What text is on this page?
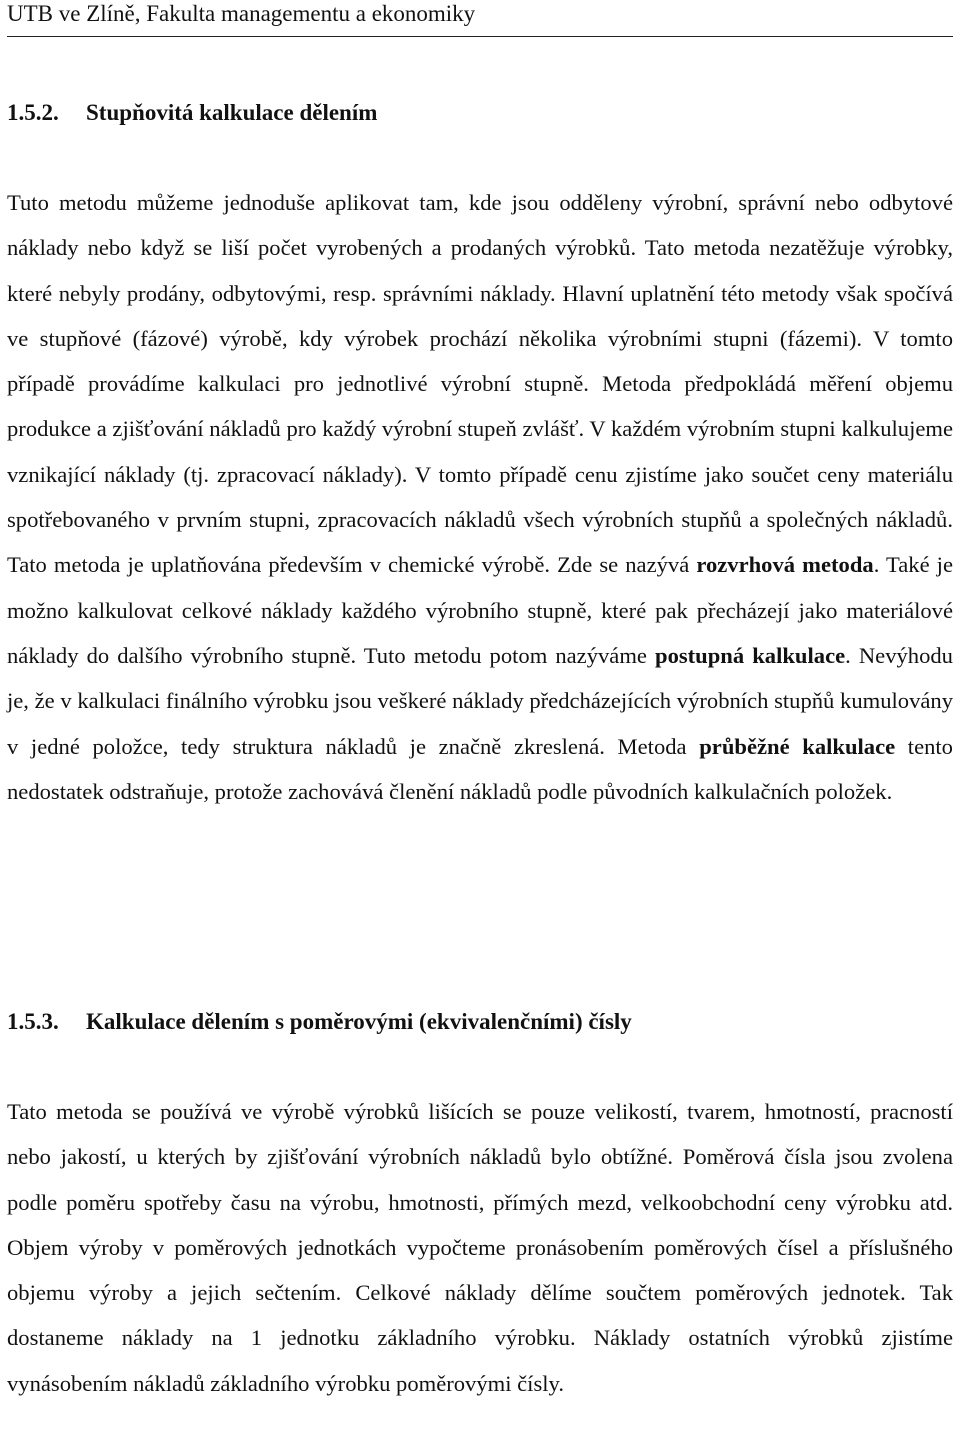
UTB ve Zlíně, Fakulta managementu a ekonomiky
1.5.2. Stupňovitá kalkulace dělením
Tuto metodu můžeme jednoduše aplikovat tam, kde jsou odděleny výrobní, správní nebo odbytové náklady nebo když se liší počet vyrobených a prodaných výrobků. Tato metoda nezatěžuje výrobky, které nebyly prodány, odbytovými, resp. správními náklady. Hlavní uplatnění této metody však spočívá ve stupňové (fázové) výrobě, kdy výrobek prochází několika výrobními stupni (fázemi). V tomto případě provádíme kalkulaci pro jednotlivé výrobní stupně. Metoda předpokládá měření objemu produkce a zjišťování nákladů pro každý výrobní stupeň zvlášť. V každém výrobním stupni kalkulujeme vznikající náklady (tj. zpracovací náklady). V tomto případě cenu zjistíme jako součet ceny materiálu spotřebovaného v prvním stupni, zpracovacích nákladů všech výrobních stupňů a společných nákladů. Tato metoda je uplatňována především v chemické výrobě. Zde se nazývá rozvrhová metoda. Také je možno kalkulovat celkové náklady každého výrobního stupně, které pak přecházejí jako materiálové náklady do dalšího výrobního stupně. Tuto metodu potom nazýváme postupná kalkulace. Nevýhodu je, že v kalkulaci finálního výrobku jsou veškeré náklady předcházejících výrobních stupňů kumulovány v jedné položce, tedy struktura nákladů je značně zkreslená. Metoda průběžné kalkulace tento nedostatek odstraňuje, protože zachovává členění nákladů podle původních kalkulačních položek.
1.5.3. Kalkulace dělením s poměrovými (ekvivalenčními) čísly
Tato metoda se používá ve výrobě výrobků lišících se pouze velikostí, tvarem, hmotností, pracností nebo jakostí, u kterých by zjišťování výrobních nákladů bylo obtížné. Poměrová čísla jsou zvolena podle poměru spotřeby času na výrobu, hmotnosti, přímých mezd, velkoobchodní ceny výrobku atd. Objem výroby v poměrových jednotkách vypočteme pronásobením poměrových čísel a příslušného objemu výroby a jejich sečtením. Celkové náklady dělíme součtem poměrových jednotek. Tak dostaneme náklady na 1 jednotku základního výrobku. Náklady ostatních výrobků zjistíme vynásobením nákladů základního výrobku poměrovými čísly.
